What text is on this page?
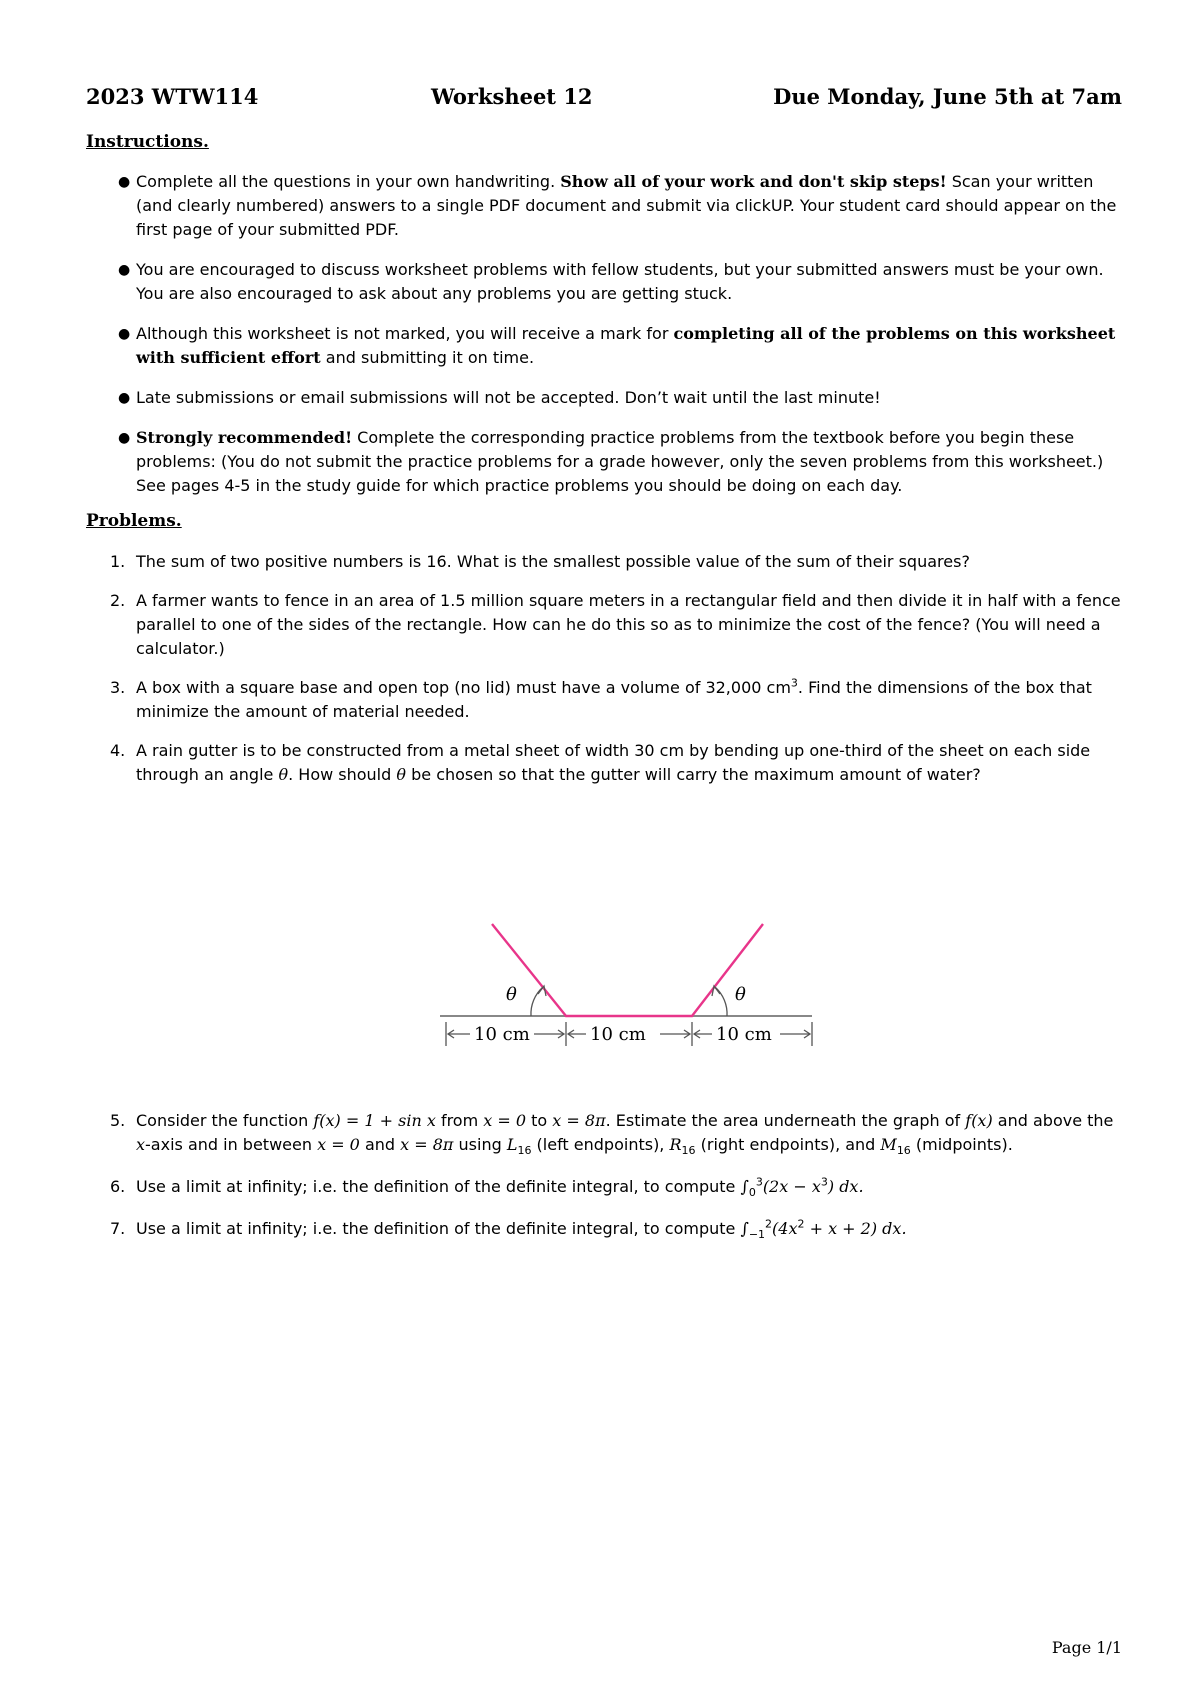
2023 WTW114	Worksheet 12	Due Monday, June 5th at 7am
Instructions.
● Complete all the questions in your own handwriting. Show all of your work and don't skip steps! Scan your written (and clearly numbered) answers to a single PDF document and submit via clickUP. Your student card should appear on the first page of your submitted PDF.
● You are encouraged to discuss worksheet problems with fellow students, but your submitted answers must be your own. You are also encouraged to ask about any problems you are getting stuck.
● Although this worksheet is not marked, you will receive a mark for completing all of the problems on this worksheet with sufficient effort and submitting it on time.
● Late submissions or email submissions will not be accepted. Don’t wait until the last minute!
● Strongly recommended! Complete the corresponding practice problems from the textbook before you begin these problems: (You do not submit the practice problems for a grade however, only the seven problems from this worksheet.) See pages 4-5 in the study guide for which practice problems you should be doing on each day.
Problems.
1. The sum of two positive numbers is 16. What is the smallest possible value of the sum of their squares?
2. A farmer wants to fence in an area of 1.5 million square meters in a rectangular field and then divide it in half with a fence parallel to one of the sides of the rectangle. How can he do this so as to minimize the cost of the fence? (You will need a calculator.)
3. A box with a square base and open top (no lid) must have a volume of 32,000 $cm^3$. Find the dimensions of the box that minimize the amount of material needed.
4. A rain gutter is to be constructed from a metal sheet of width 30 cm by bending up one-third of the sheet on each side through an angle θ. How should θ be chosen so that the gutter will carry the maximum amount of water?
θ	θ
10 cm	10 cm	10 cm
5. Consider the function f(x) = 1 + sin x from x = 0 to x = 8π. Estimate the area underneath the graph of f(x) and above the x-axis and in between x = 0 and x = 8π using $L_{16}$ (left endpoints), $R_{16}$ (right endpoints), and $M_{16}$ (midpoints).
6. Use a limit at infinity; i.e. the definition of the definite integral, to compute $\int_0^3(2x - x^3)$ dx.
7. Use a limit at infinity; i.e. the definition of the definite integral, to compute $\int_{-1}^2(4x^2 + x + 2)$ dx.
Page 1/1
